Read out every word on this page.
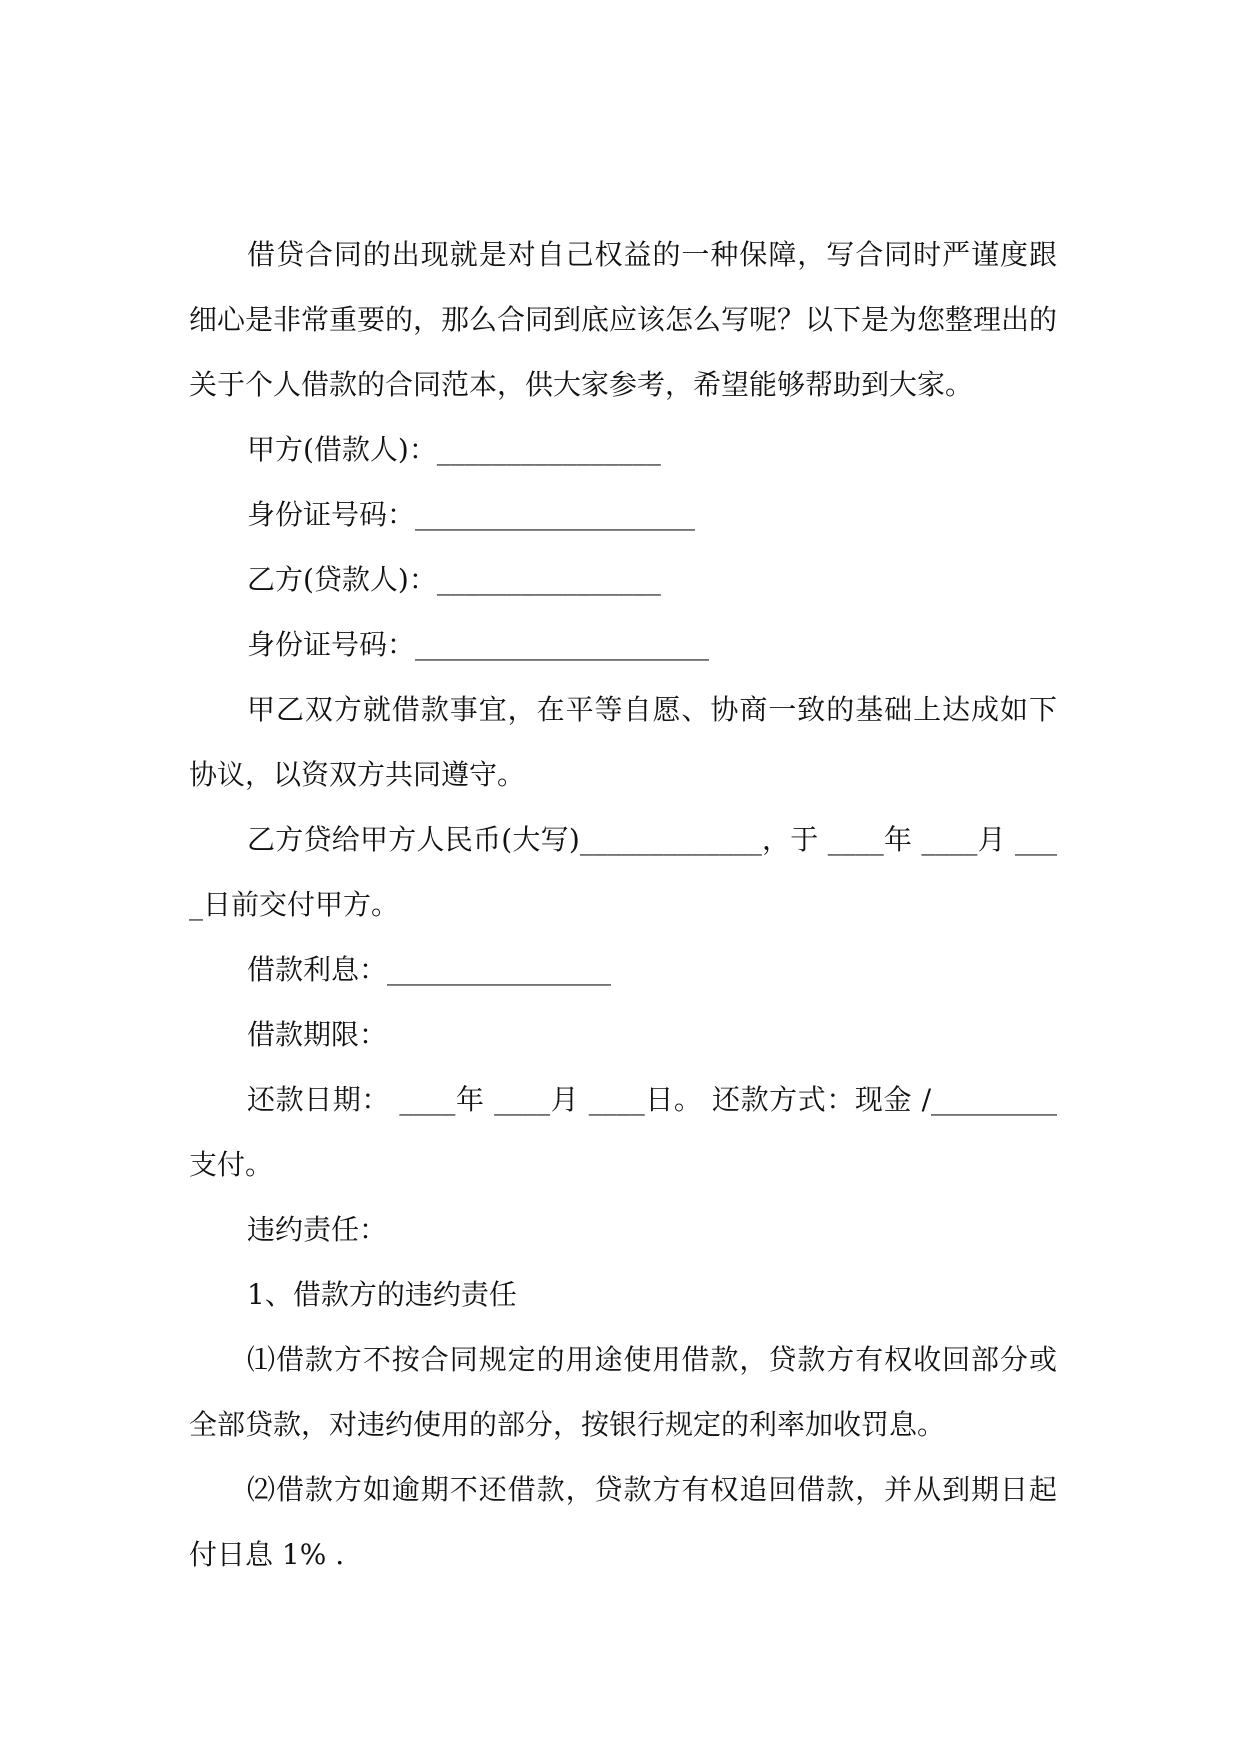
借贷合同的出现就是对自己权益的一种保障，写合同时严谨度跟细心是非常重要的，那么合同到底应该怎么写呢？以下是为您整理出的关于个人借款的合同范本，供大家参考，希望能够帮助到大家。

甲方(借款人)：________________

身份证号码：____________________

乙方(贷款人)：________________

身份证号码：_____________________

甲乙双方就借款事宜，在平等自愿、协商一致的基础上达成如下协议，以资双方共同遵守。

乙方贷给甲方人民币(大写)_____________，于 ____年 ____月 ____日前交付甲方。

借款利息：________________

借款期限：

还款日期： ____年 ____月 ____日。 还款方式：现金 /_________支付。

违约责任：

1、借款方的违约责任

⑴借款方不按合同规定的用途使用借款，贷款方有权收回部分或全部贷款，对违约使用的部分，按银行规定的利率加收罚息。

⑵借款方如逾期不还借款，贷款方有权追回借款，并从到期日起付日息 1% .
